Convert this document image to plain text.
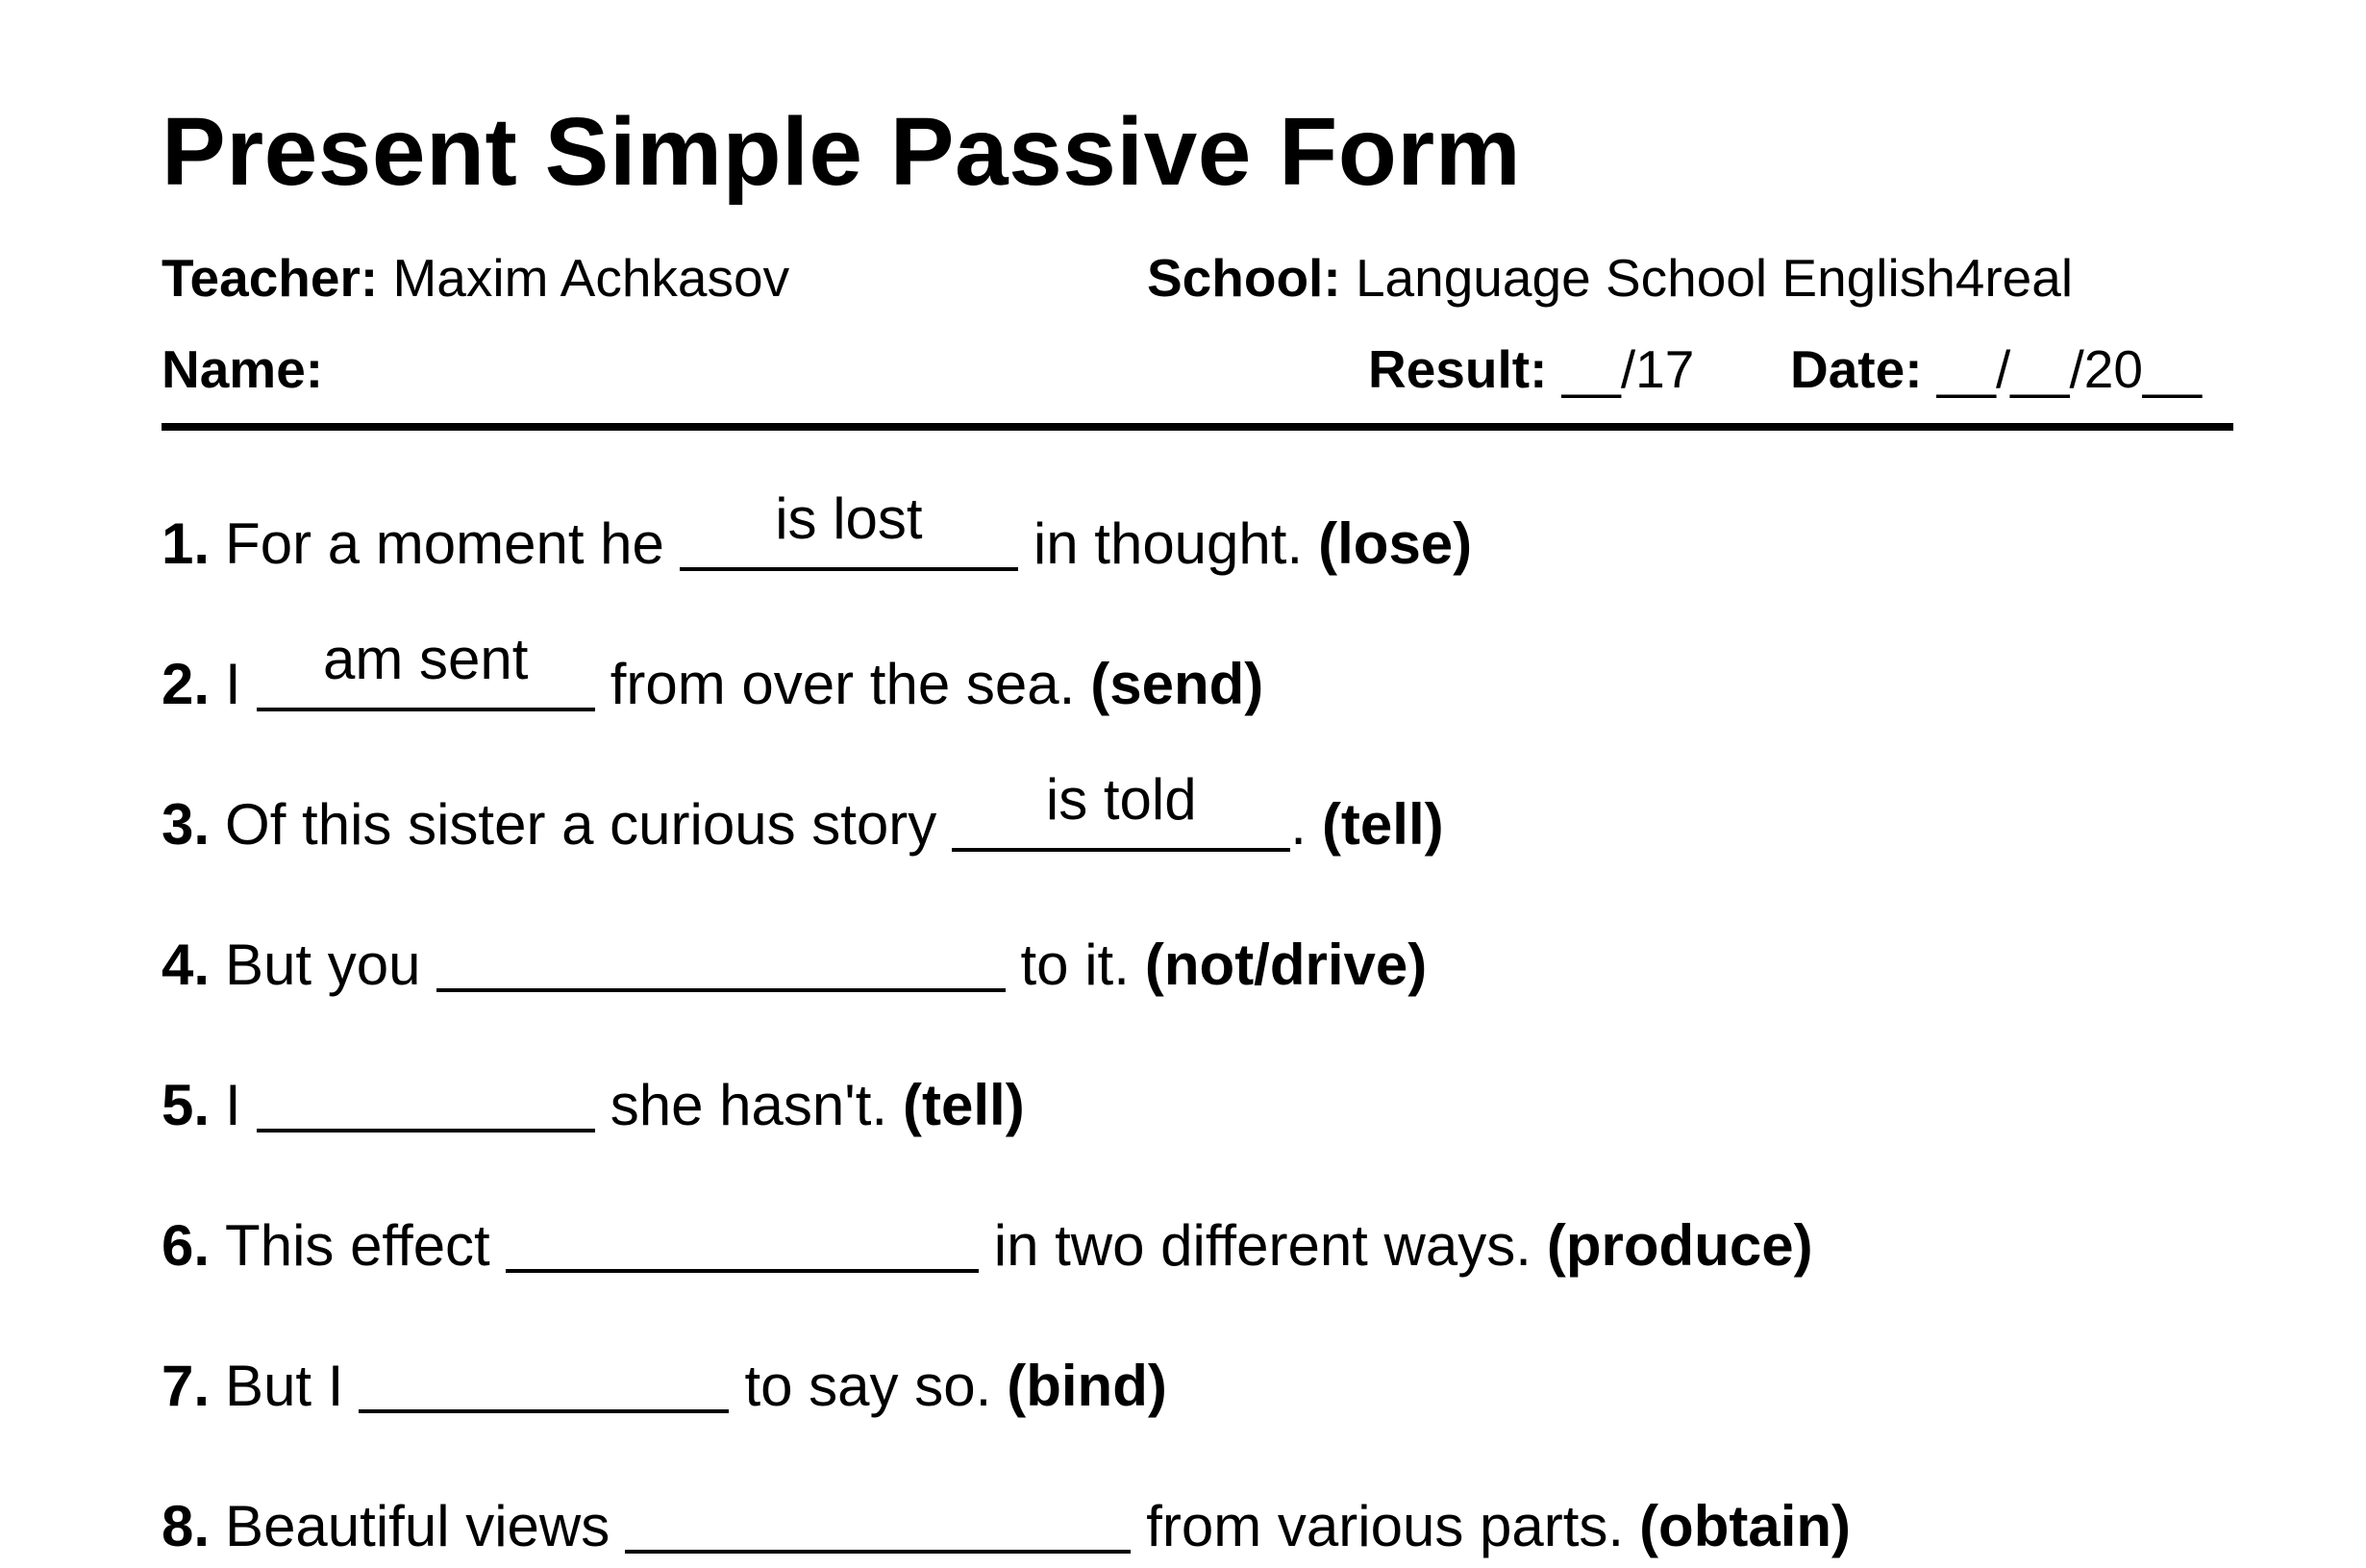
Present Simple Passive Form
Teacher: Maxim Achkasov	School: Language School English4real
Name:	Result: __/17 Date: __/__/20__
1. For a moment he	is lost	in thought. (lose)
2. I	am sent	from over the sea. (send)
3. Of this sister a curious story	is told	. (tell)
4. But you	to it. (not/drive)
5. I	she hasn't. (tell)
6. This effect	in two different ways. (produce)
7. But I	to say so. (bind)
8. Beautiful views	from various parts. (obtain)
